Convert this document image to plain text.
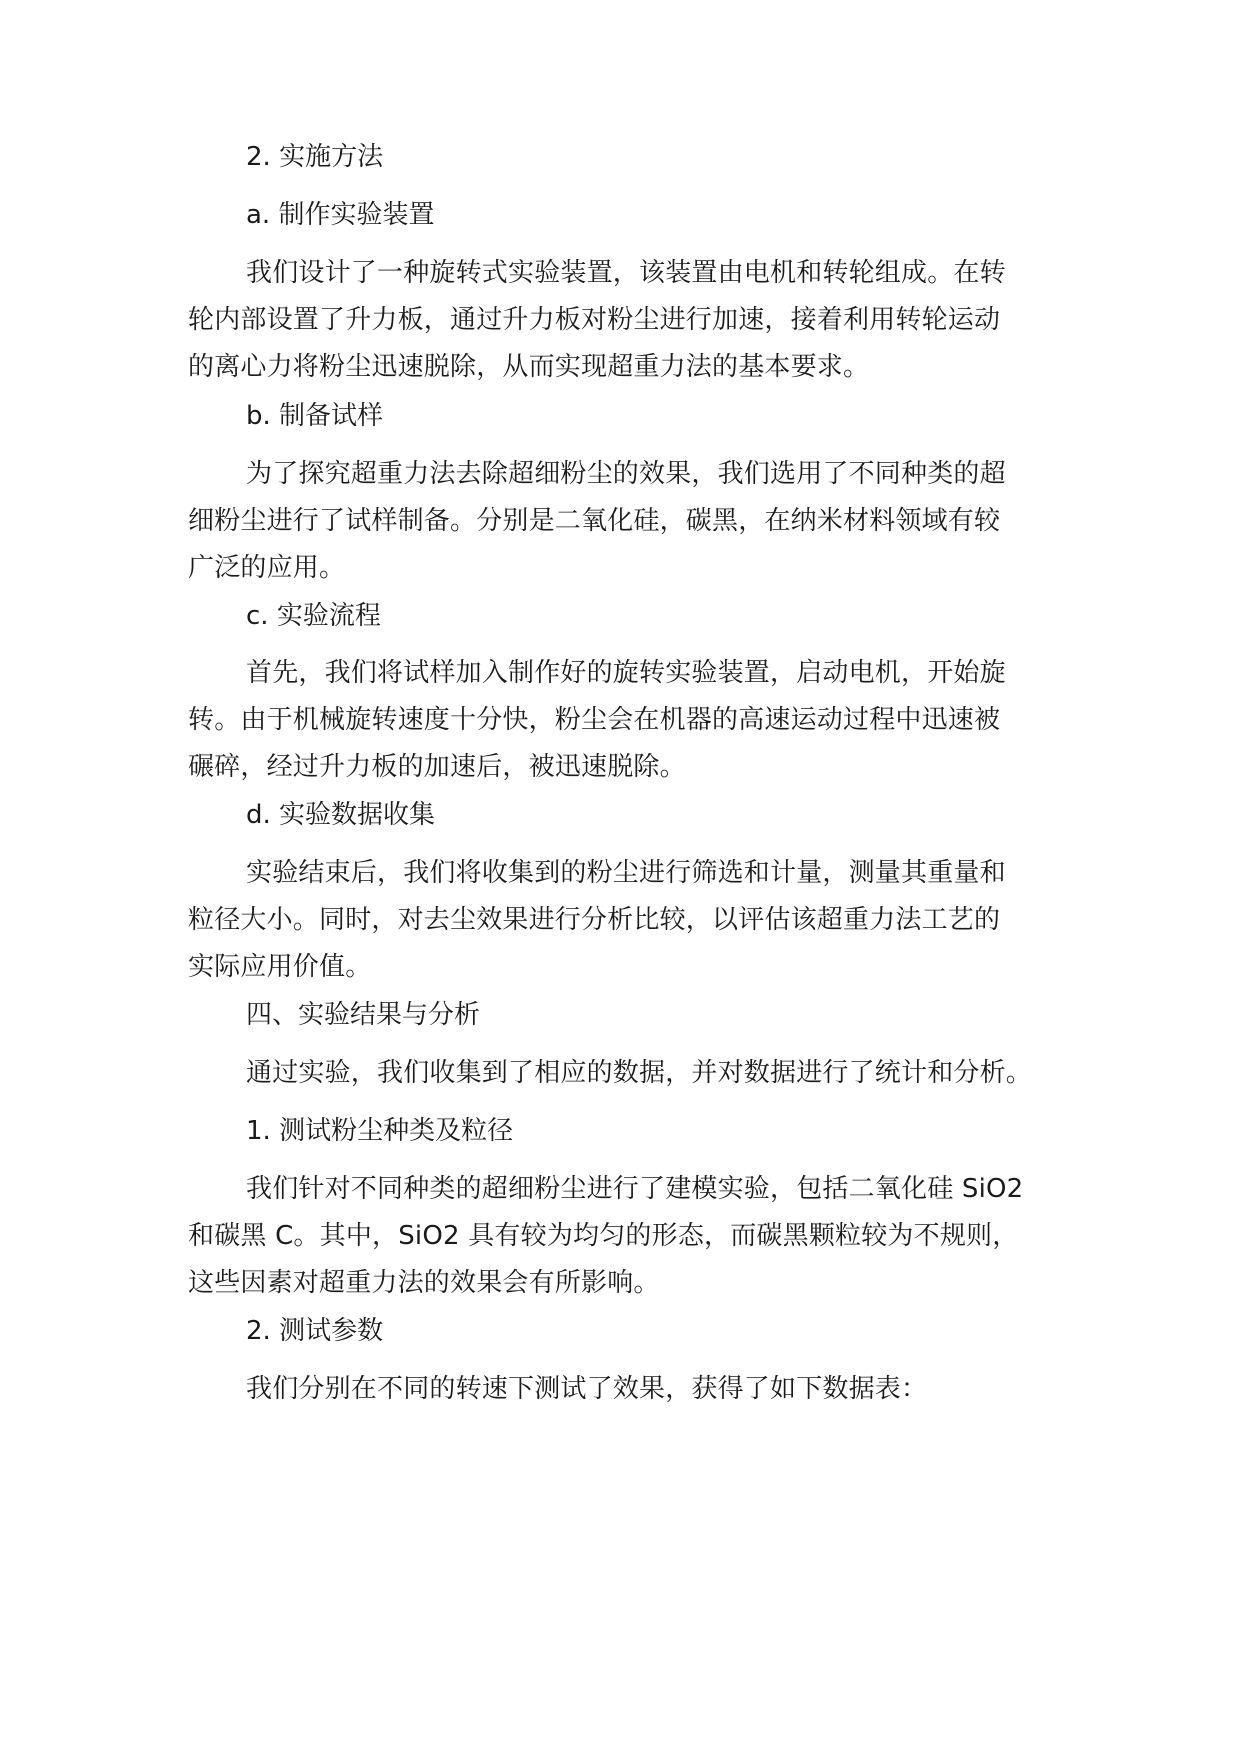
2. 实施方法
a. 制作实验装置
我们设计了一种旋转式实验装置，该装置由电机和转轮组成。在转
轮内部设置了升力板，通过升力板对粉尘进行加速，接着利用转轮运动
的离心力将粉尘迅速脱除，从而实现超重力法的基本要求。
b. 制备试样
为了探究超重力法去除超细粉尘的效果，我们选用了不同种类的超
细粉尘进行了试样制备。分别是二氧化硅，碳黑，在纳米材料领域有较
广泛的应用。
c. 实验流程
首先，我们将试样加入制作好的旋转实验装置，启动电机，开始旋
转。由于机械旋转速度十分快，粉尘会在机器的高速运动过程中迅速被
碾碎，经过升力板的加速后，被迅速脱除。
d. 实验数据收集
实验结束后，我们将收集到的粉尘进行筛选和计量，测量其重量和
粒径大小。同时，对去尘效果进行分析比较，以评估该超重力法工艺的
实际应用价值。
四、实验结果与分析
通过实验，我们收集到了相应的数据，并对数据进行了统计和分析。
1. 测试粉尘种类及粒径
我们针对不同种类的超细粉尘进行了建模实验，包括二氧化硅 SiO2
和碳黑 C。其中，SiO2 具有较为均匀的形态，而碳黑颗粒较为不规则，
这些因素对超重力法的效果会有所影响。
2. 测试参数
我们分别在不同的转速下测试了效果，获得了如下数据表：
